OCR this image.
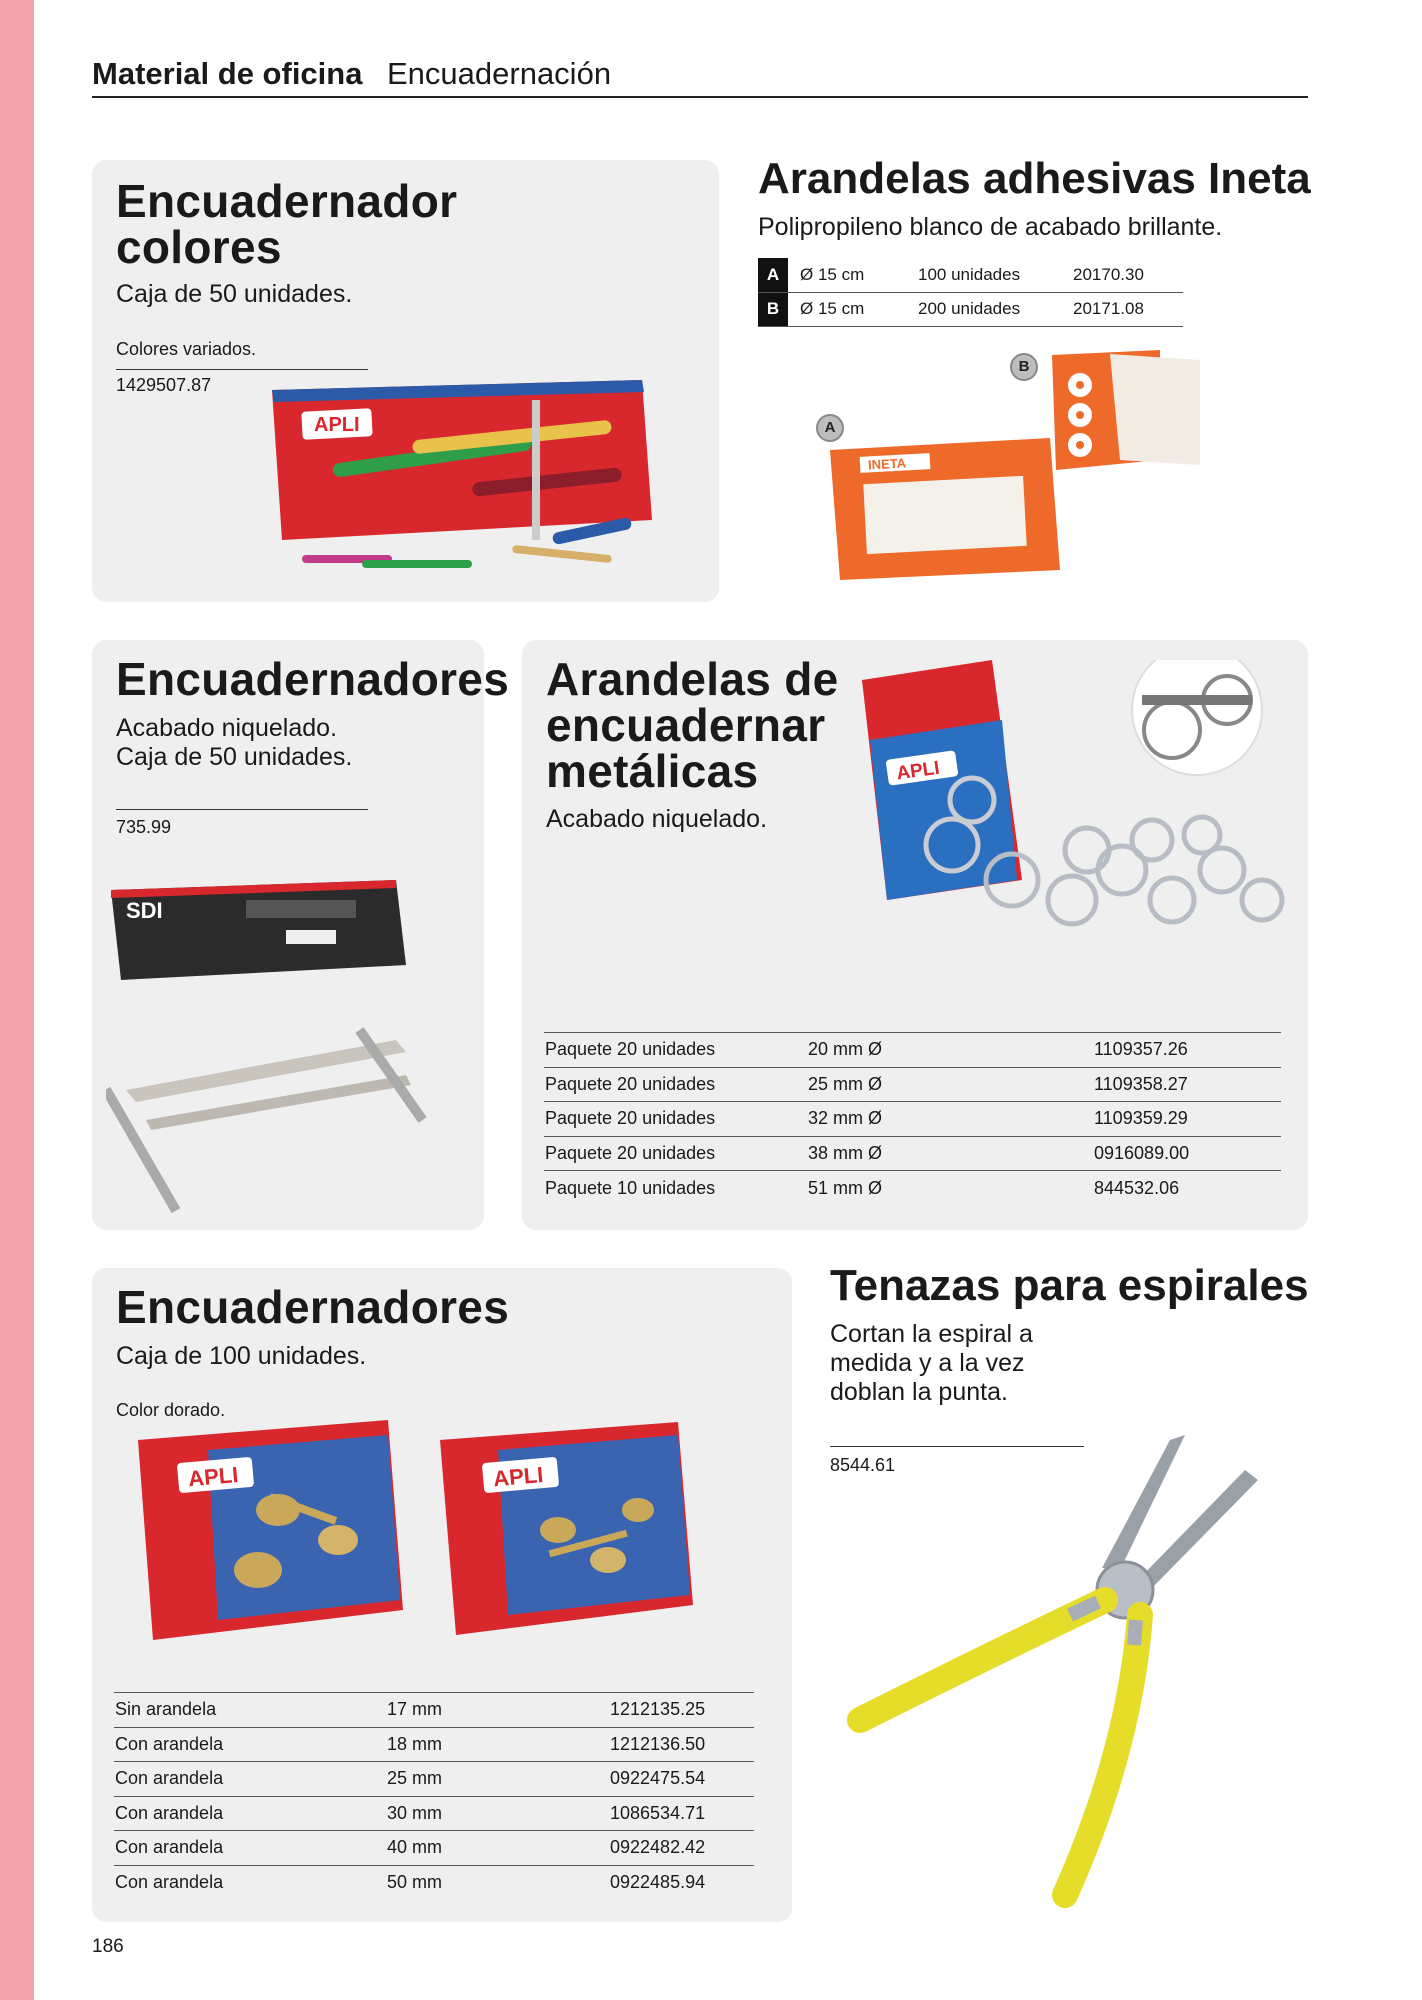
Material de oficina Encuadernación
Encuadernador
colores
Caja de 50 unidades.
Colores variados.
1429507.87
APLI
Arandelas adhesivas Ineta
Polipropileno blanco de acabado brillante.
A	Ø 15 cm	100 unidades	20170.30
B	Ø 15 cm	200 unidades	20171.08
A
B
INETA
Encuadernadores
Acabado niquelado.
Caja de 50 unidades.
735.99
SDI
Arandelas de
encuadernar
metálicas
Acabado niquelado.
APLI
Paquete 20 unidades	20 mm Ø	1109357.26
Paquete 20 unidades	25 mm Ø	1109358.27
Paquete 20 unidades	32 mm Ø	1109359.29
Paquete 20 unidades	38 mm Ø	0916089.00
Paquete 10 unidades	51 mm Ø	844532.06
Encuadernadores
Caja de 100 unidades.
Color dorado.
APLI	APLI
Sin arandela	17 mm	1212135.25
Con arandela	18 mm	1212136.50
Con arandela	25 mm	0922475.54
Con arandela	30 mm	1086534.71
Con arandela	40 mm	0922482.42
Con arandela	50 mm	0922485.94
Tenazas para espirales
Cortan la espiral a
medida y a la vez
doblan la punta.
8544.61
186
